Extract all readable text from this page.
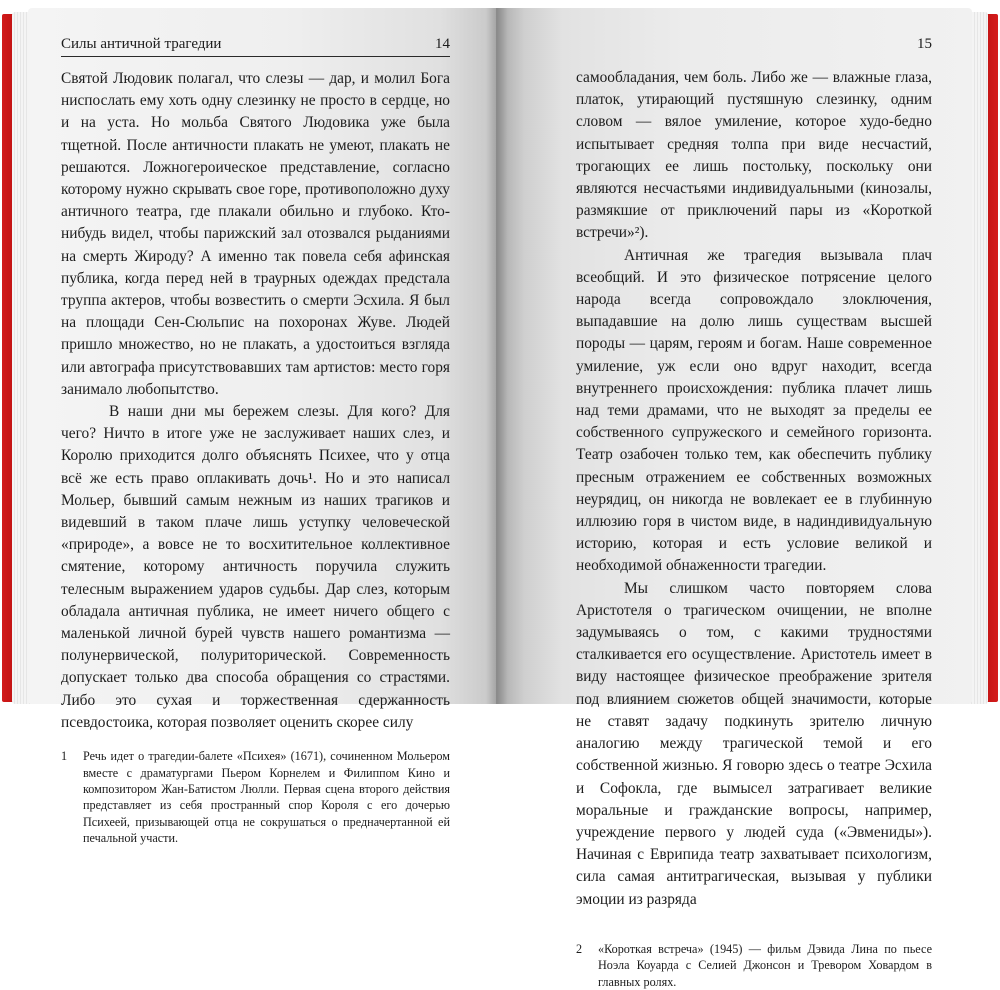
Силы античной трагедии	14

Святой Людовик полагал, что слезы — дар, и молил Бога ниспослать ему хоть одну слезинку не просто в сердце, но и на уста. Но мольба Святого Людовика уже была тщетной. После античности плакать не умеют, плакать не решаются. Ложногероическое представление, согласно которому нужно скрывать свое горе, противоположно духу античного театра, где плакали обильно и глубоко. Кто-нибудь видел, чтобы парижский зал отозвался рыданиями на смерть Жироду? А именно так повела себя афинская публика, когда перед ней в траурных одеждах предстала труппа актеров, чтобы возвестить о смерти Эсхила. Я был на площади Сен-Сюльпис на похоронах Жуве. Людей пришло множество, но не плакать, а удостоиться взгляда или автографа присутствовавших там артистов: место горя занимало любопытство.

В наши дни мы бережем слезы. Для кого? Для чего? Ничто в итоге уже не заслуживает наших слез, и Королю приходится долго объяснять Психее, что у отца всё же есть право оплакивать дочь¹. Но и это написал Мольер, бывший самым нежным из наших трагиков и видевший в таком плаче лишь уступку человеческой «природе», а вовсе не то восхитительное коллективное смятение, которому античность поручила служить телесным выражением ударов судьбы. Дар слез, которым обладала античная публика, не имеет ничего общего с маленькой личной бурей чувств нашего романтизма — полунервической, полуриторической. Современность допускает только два способа обращения со страстями. Либо это сухая и торжественная сдержанность псевдостоика, которая позволяет оценить скорее силу

1	Речь идет о трагедии-балете «Психея» (1671), сочиненном Мольером вместе с драматургами Пьером Корнелем и Филиппом Кино и композитором Жан-Батистом Люлли. Первая сцена второго действия представляет из себя пространный спор Короля с его дочерью Психеей, призывающей отца не сокрушаться о предначертанной ей печальной участи.
15

самообладания, чем боль. Либо же — влажные глаза, платок, утирающий пустяшную слезинку, одним словом — вялое умиление, которое худо-бедно испытывает средняя толпа при виде несчастий, трогающих ее лишь постольку, поскольку они являются несчастьями индивидуальными (кинозалы, размякшие от приключений пары из «Короткой встречи»²).

Античная же трагедия вызывала плач всеобщий. И это физическое потрясение целого народа всегда сопровождало злоключения, выпадавшие на долю лишь существам высшей породы — царям, героям и богам. Наше современное умиление, уж если оно вдруг находит, всегда внутреннего происхождения: публика плачет лишь над теми драмами, что не выходят за пределы ее собственного супружеского и семейного горизонта. Театр озабочен только тем, как обеспечить публику пресным отражением ее собственных возможных неурядиц, он никогда не вовлекает ее в глубинную иллюзию горя в чистом виде, в надиндивидуальную историю, которая и есть условие великой и необходимой обнаженности трагедии.

Мы слишком часто повторяем слова Аристотеля о трагическом очищении, не вполне задумываясь о том, с какими трудностями сталкивается его осуществление. Аристотель имеет в виду настоящее физическое преображение зрителя под влиянием сюжетов общей значимости, которые не ставят задачу подкинуть зрителю личную аналогию между трагической темой и его собственной жизнью. Я говорю здесь о театре Эсхила и Софокла, где вымысел затрагивает великие моральные и гражданские вопросы, например, учреждение первого у людей суда («Эвмениды»). Начиная с Еврипида театр захватывает психологизм, сила самая антитрагическая, вызывая у публики эмоции из разряда

2	«Короткая встреча» (1945) — фильм Дэвида Лина по пьесе Ноэла Коуарда с Селией Джонсон и Тревором Ховардом в главных ролях.
